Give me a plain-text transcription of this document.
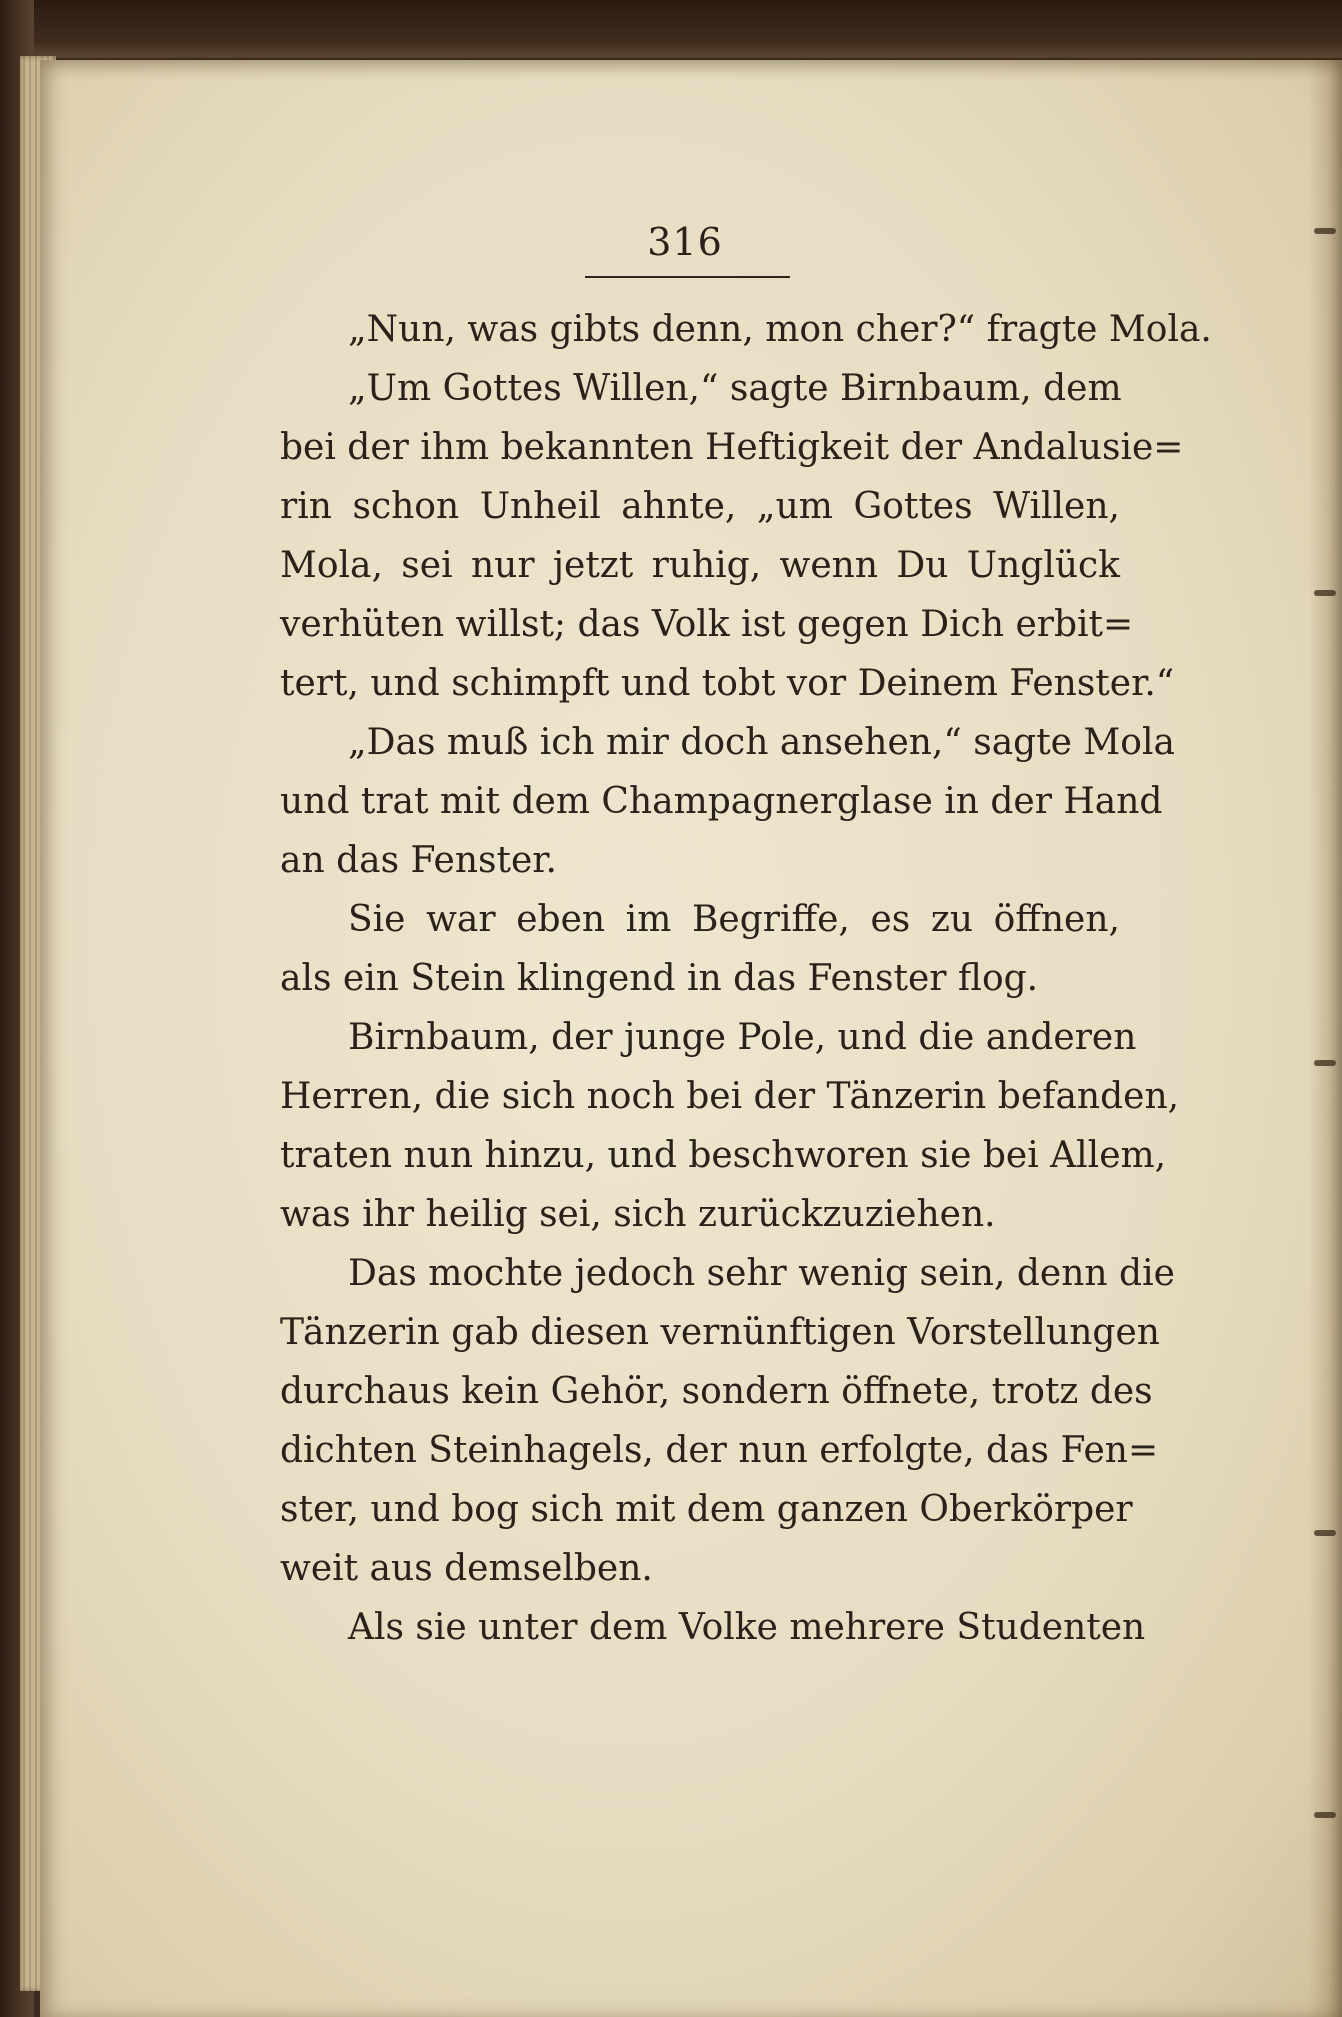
316
„Nun, was gibts denn, mon cher?“ fragte Mola.
„Um Gottes Willen,“ sagte Birnbaum, dem
bei der ihm bekannten Heftigkeit der Andalusie=
rin schon Unheil ahnte, „um Gottes Willen,
Mola, sei nur jetzt ruhig, wenn Du Unglück
verhüten willst; das Volk ist gegen Dich erbit=
tert, und schimpft und tobt vor Deinem Fenster.“
„Das muß ich mir doch ansehen,“ sagte Mola
und trat mit dem Champagnerglase in der Hand
an das Fenster.
Sie war eben im Begriffe, es zu öffnen,
als ein Stein klingend in das Fenster flog.
Birnbaum, der junge Pole, und die anderen
Herren, die sich noch bei der Tänzerin befanden,
traten nun hinzu, und beschworen sie bei Allem,
was ihr heilig sei, sich zurückzuziehen.
Das mochte jedoch sehr wenig sein, denn die
Tänzerin gab diesen vernünftigen Vorstellungen
durchaus kein Gehör, sondern öffnete, trotz des
dichten Steinhagels, der nun erfolgte, das Fen=
ster, und bog sich mit dem ganzen Oberkörper
weit aus demselben.
Als sie unter dem Volke mehrere Studenten
